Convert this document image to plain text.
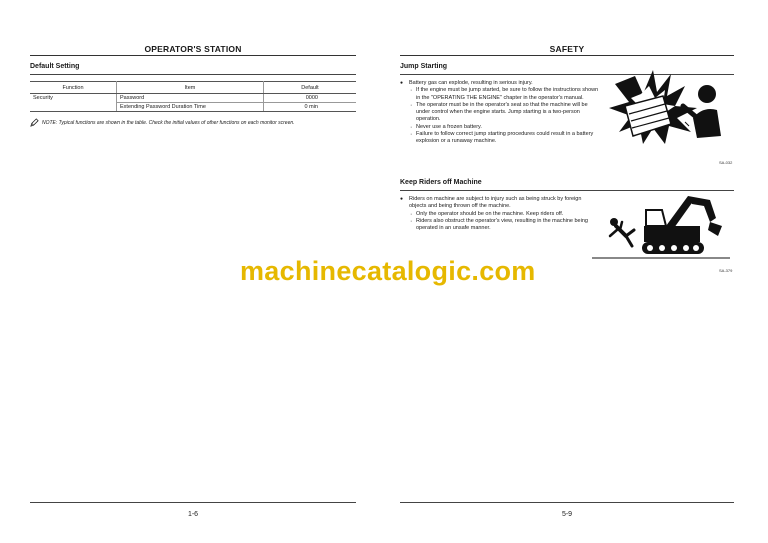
OPERATOR'S STATION
Default Setting
Function	Item	Default
Security	Password	0000
	Extending Password Duration Time	0 min
NOTE: Typical functions are shown in the table. Check the initial values of other functions on each monitor screen.
1-6
SAFETY
Jump Starting
● Battery gas can explode, resulting in serious injury.
· If the engine must be jump started, be sure to follow the instructions shown in the "OPERATING THE ENGINE" chapter in the operator's manual.
· The operator must be in the operator's seat so that the machine will be under control when the engine starts. Jump starting is a two-person operation.
· Never use a frozen battery.
· Failure to follow correct jump starting procedures could result in a battery explosion or a runaway machine.
SA-032
Keep Riders off Machine
● Riders on machine are subject to injury such as being struck by foreign objects and being thrown off the machine.
· Only the operator should be on the machine. Keep riders off.
· Riders also obstruct the operator's view, resulting in the machine being operated in an unsafe manner.
SA-379
5-9
machinecatalogic.com
